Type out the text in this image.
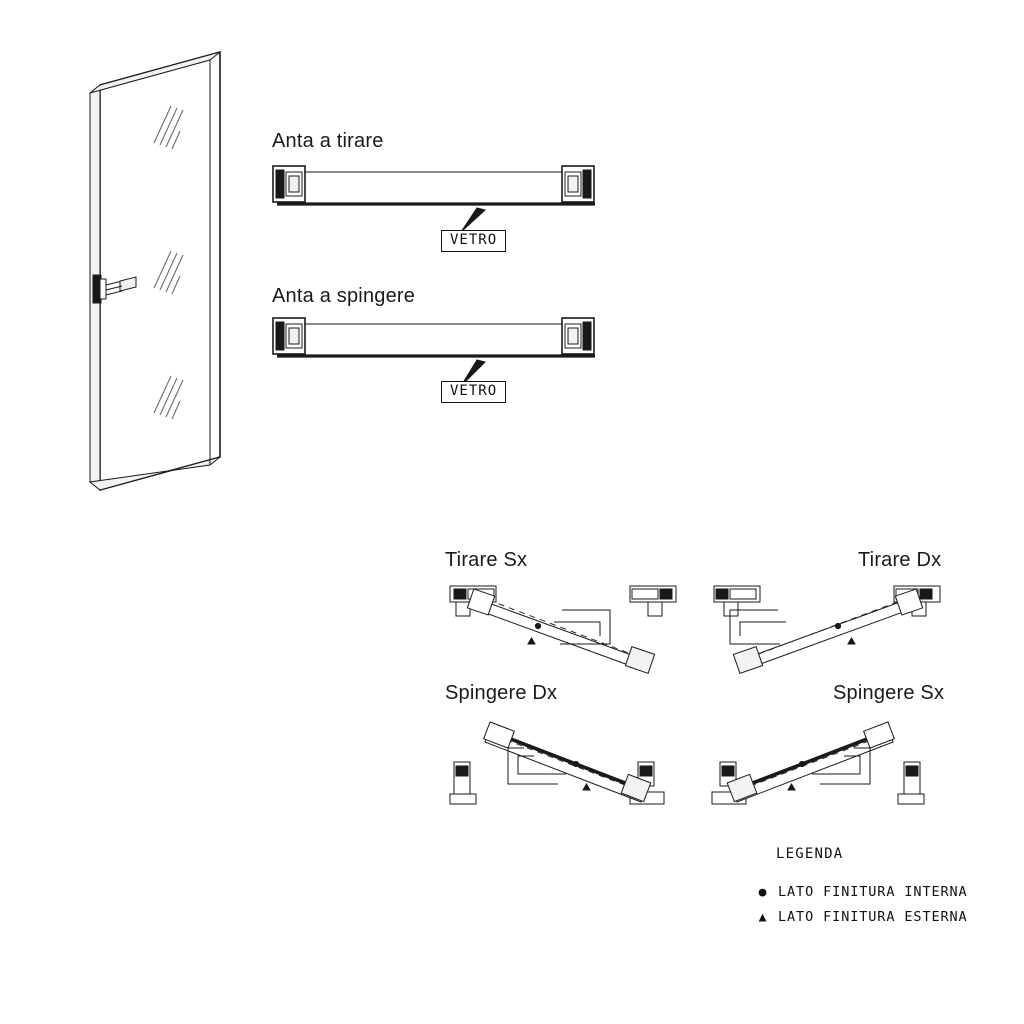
Anta a tirare
VETRO
Anta a spingere
VETRO
Tirare Sx	Tirare Dx
Spingere Dx	Spingere Sx
LEGENDA
● LATO FINITURA INTERNA
▲ LATO FINITURA ESTERNA
